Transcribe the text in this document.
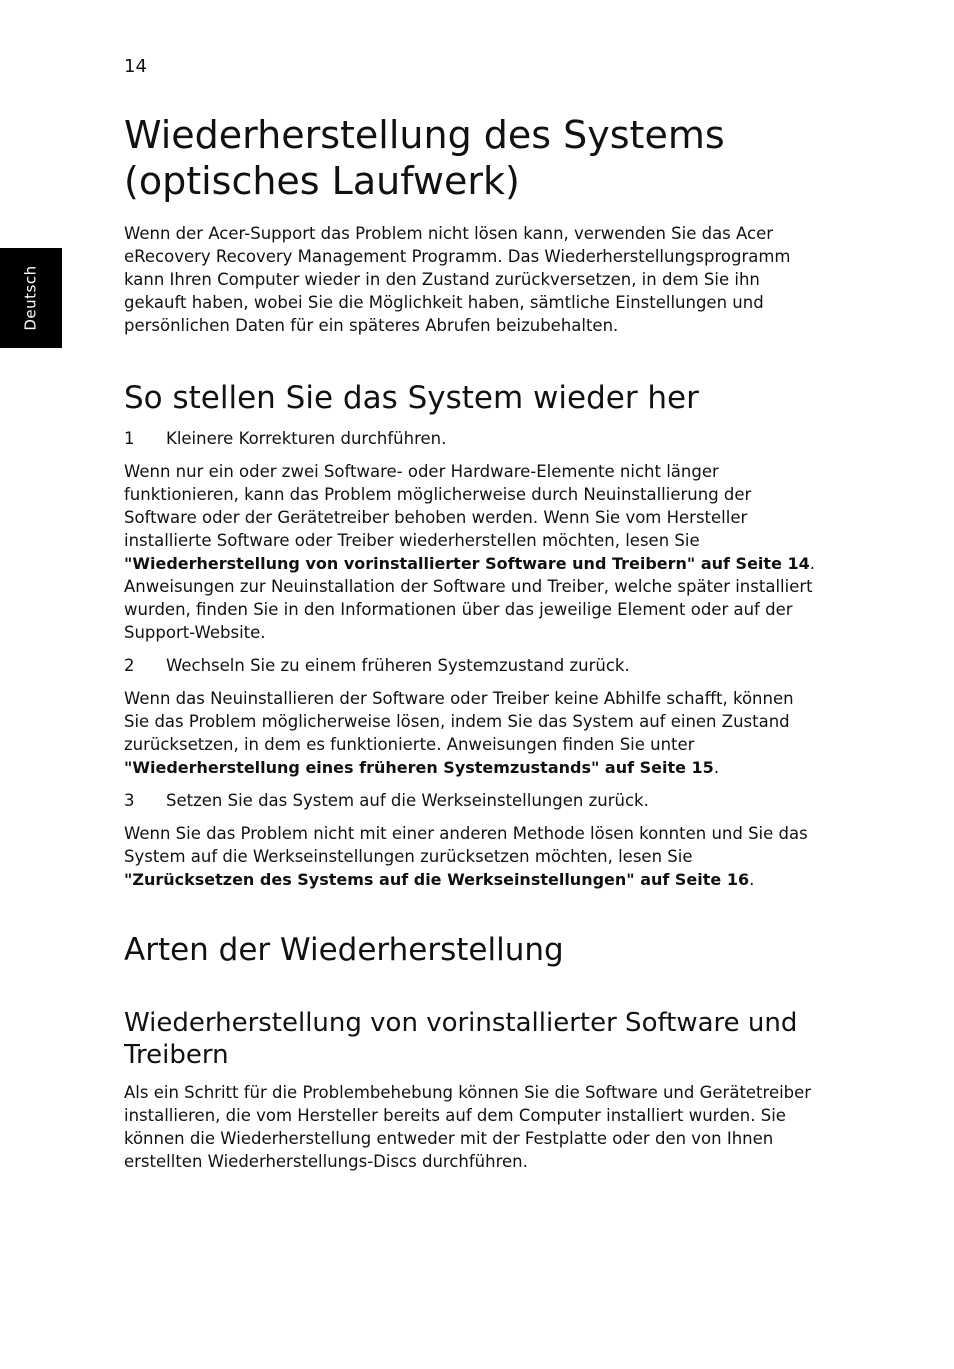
14
Deutsch
Wiederherstellung des Systems (optisches Laufwerk)

Wenn der Acer-Support das Problem nicht lösen kann, verwenden Sie das Acer eRecovery Recovery Management Programm. Das Wiederherstellungsprogramm kann Ihren Computer wieder in den Zustand zurückversetzen, in dem Sie ihn gekauft haben, wobei Sie die Möglichkeit haben, sämtliche Einstellungen und persönlichen Daten für ein späteres Abrufen beizubehalten.

So stellen Sie das System wieder her
1	Kleinere Korrekturen durchführen.

Wenn nur ein oder zwei Software- oder Hardware-Elemente nicht länger funktionieren, kann das Problem möglicherweise durch Neuinstallierung der Software oder der Gerätetreiber behoben werden. Wenn Sie vom Hersteller installierte Software oder Treiber wiederherstellen möchten, lesen Sie "Wiederherstellung von vorinstallierter Software und Treibern" auf Seite 14. Anweisungen zur Neuinstallation der Software und Treiber, welche später installiert wurden, finden Sie in den Informationen über das jeweilige Element oder auf der Support-Website.

2	Wechseln Sie zu einem früheren Systemzustand zurück.

Wenn das Neuinstallieren der Software oder Treiber keine Abhilfe schafft, können Sie das Problem möglicherweise lösen, indem Sie das System auf einen Zustand zurücksetzen, in dem es funktionierte. Anweisungen finden Sie unter "Wiederherstellung eines früheren Systemzustands" auf Seite 15.

3	Setzen Sie das System auf die Werkseinstellungen zurück.

Wenn Sie das Problem nicht mit einer anderen Methode lösen konnten und Sie das System auf die Werkseinstellungen zurücksetzen möchten, lesen Sie "Zurücksetzen des Systems auf die Werkseinstellungen" auf Seite 16.

Arten der Wiederherstellung
Wiederherstellung von vorinstallierter Software und Treibern

Als ein Schritt für die Problembehebung können Sie die Software und Gerätetreiber installieren, die vom Hersteller bereits auf dem Computer installiert wurden. Sie können die Wiederherstellung entweder mit der Festplatte oder den von Ihnen erstellten Wiederherstellungs-Discs durchführen.
